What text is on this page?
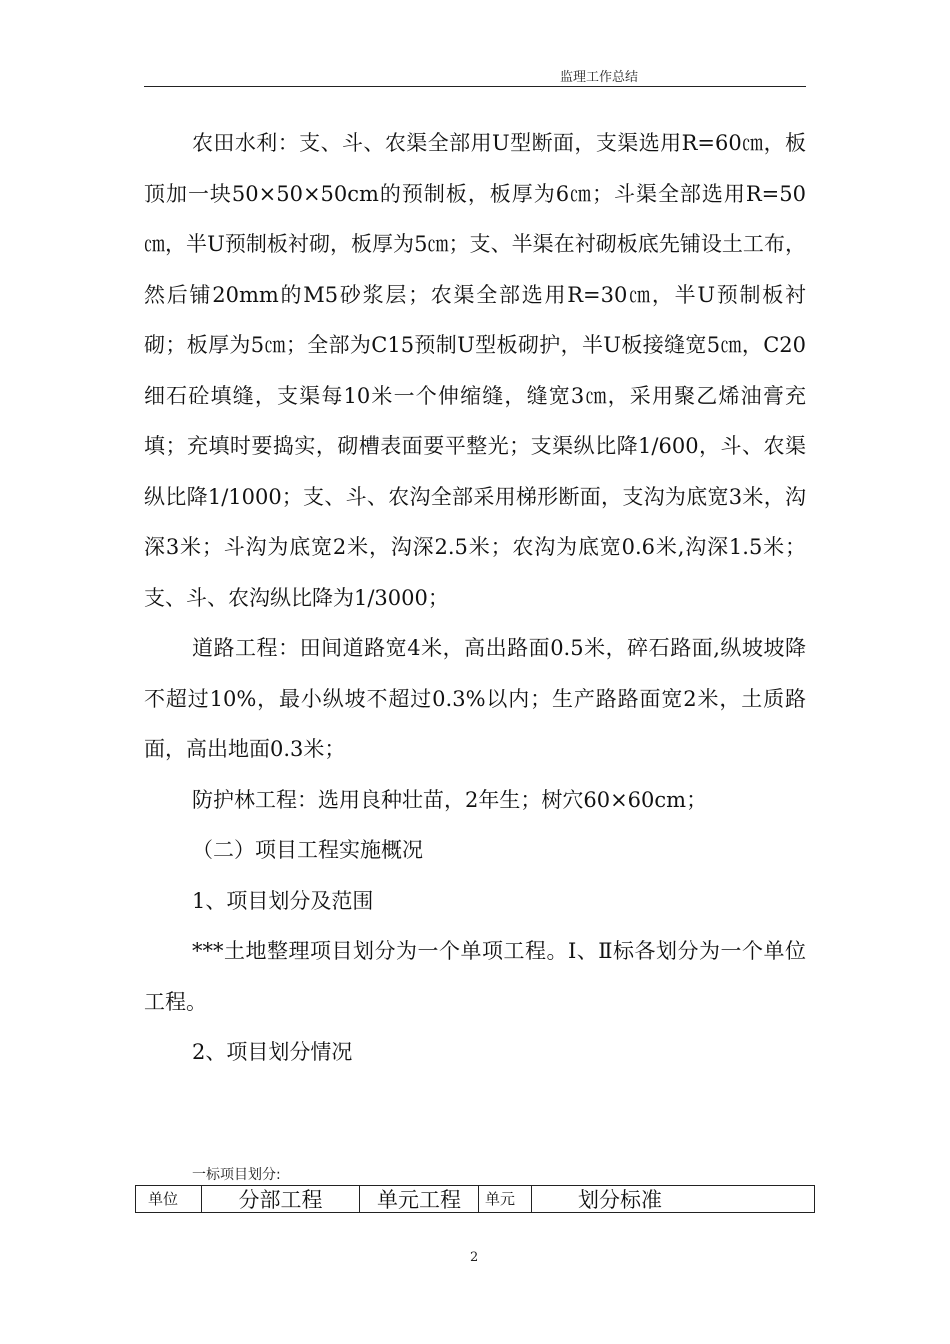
监理工作总结

农田水利：支、斗、农渠全部用U型断面，支渠选用R=60㎝，板顶加一块50×50×50cm的预制板，板厚为6㎝；斗渠全部选用R=50㎝，半U预制板衬砌，板厚为5㎝；支、半渠在衬砌板底先铺设土工布，然后铺20mm的M5砂浆层；农渠全部选用R=30㎝，半U预制板衬砌；板厚为5㎝；全部为C15预制U型板砌护，半U板接缝宽5㎝，C20细石砼填缝，支渠每10米一个伸缩缝，缝宽3㎝，采用聚乙烯油膏充填；充填时要捣实，砌槽表面要平整光；支渠纵比降1/600，斗、农渠纵比降1/1000；支、斗、农沟全部采用梯形断面，支沟为底宽3米，沟深3米；斗沟为底宽2米，沟深2.5米；农沟为底宽0.6米,沟深1.5米；支、斗、农沟纵比降为1/3000；

道路工程：田间道路宽4米，高出路面0.5米，碎石路面,纵坡坡降不超过10%，最小纵坡不超过0.3%以内；生产路路面宽2米，土质路面，高出地面0.3米；

防护林工程：选用良种壮苗，2年生；树穴60×60cm；

（二）项目工程实施概况

1、项目划分及范围

***土地整理项目划分为一个单项工程。Ⅰ、Ⅱ标各划分为一个单位工程。

2、项目划分情况

一标项目划分:
单位	分部工程	单元工程	单元	划分标准
2
